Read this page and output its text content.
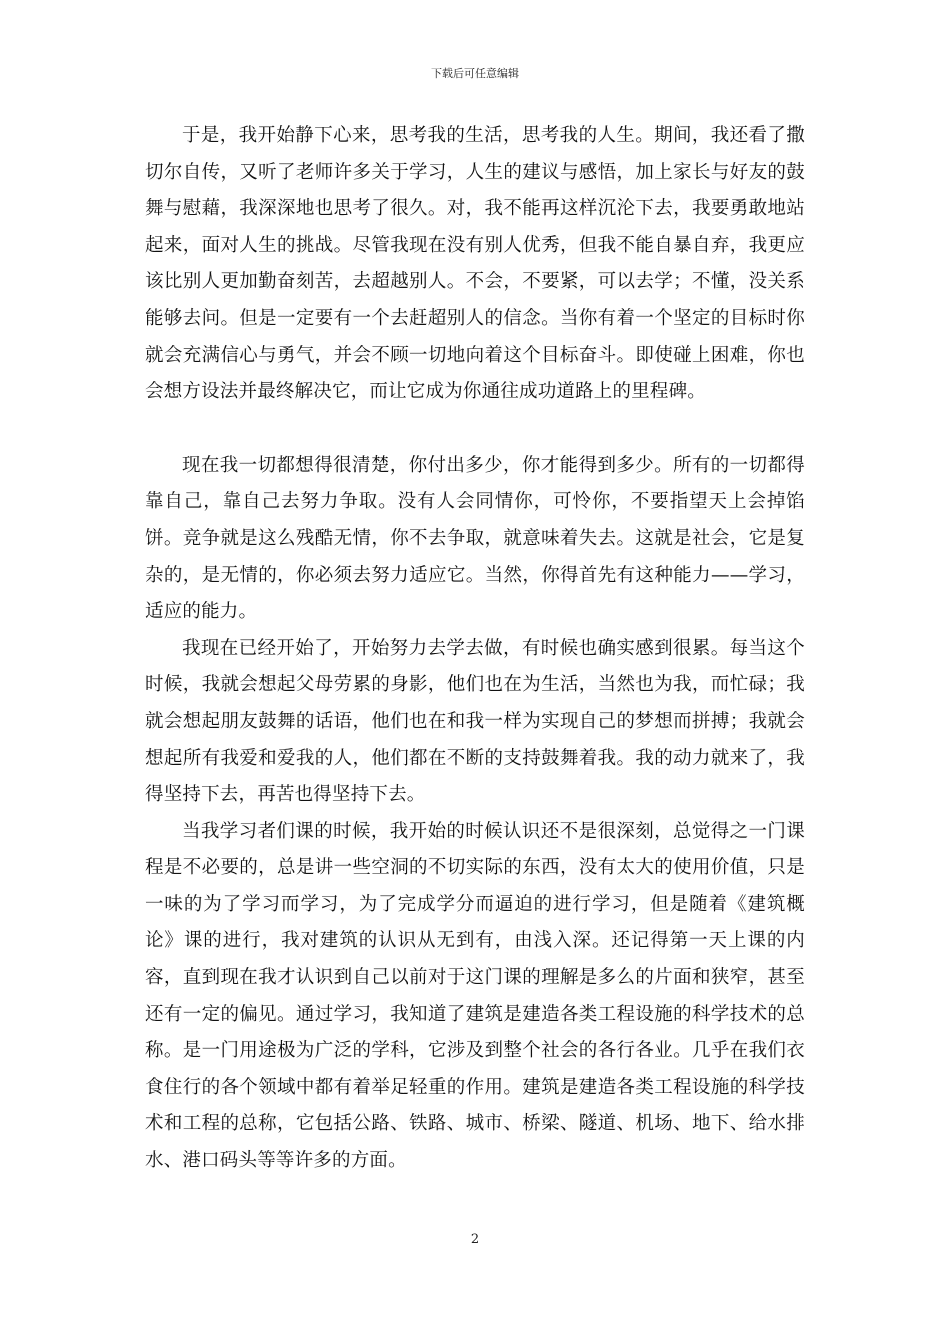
下载后可任意编辑

于是，我开始静下心来，思考我的生活，思考我的人生。期间，我还看了撒切尔自传，又听了老师许多关于学习，人生的建议与感悟，加上家长与好友的鼓舞与慰藉，我深深地也思考了很久。对，我不能再这样沉沦下去，我要勇敢地站起来，面对人生的挑战。尽管我现在没有别人优秀，但我不能自暴自弃，我更应该比别人更加勤奋刻苦，去超越别人。不会，不要紧，可以去学；不懂，没关系能够去问。但是一定要有一个去赶超别人的信念。当你有着一个坚定的目标时你就会充满信心与勇气，并会不顾一切地向着这个目标奋斗。即使碰上困难，你也会想方设法并最终解决它，而让它成为你通往成功道路上的里程碑。

现在我一切都想得很清楚，你付出多少，你才能得到多少。所有的一切都得靠自己，靠自己去努力争取。没有人会同情你，可怜你，不要指望天上会掉馅饼。竞争就是这么残酷无情，你不去争取，就意味着失去。这就是社会，它是复杂的，是无情的，你必须去努力适应它。当然，你得首先有这种能力——学习，适应的能力。

我现在已经开始了，开始努力去学去做，有时候也确实感到很累。每当这个时候，我就会想起父母劳累的身影，他们也在为生活，当然也为我，而忙碌；我就会想起朋友鼓舞的话语，他们也在和我一样为实现自己的梦想而拼搏；我就会想起所有我爱和爱我的人，他们都在不断的支持鼓舞着我。我的动力就来了，我得坚持下去，再苦也得坚持下去。

当我学习者们课的时候，我开始的时候认识还不是很深刻，总觉得之一门课程是不必要的，总是讲一些空洞的不切实际的东西，没有太大的使用价值，只是一味的为了学习而学习，为了完成学分而逼迫的进行学习，但是随着《建筑概论》课的进行，我对建筑的认识从无到有，由浅入深。还记得第一天上课的内容，直到现在我才认识到自己以前对于这门课的理解是多么的片面和狭窄，甚至还有一定的偏见。通过学习，我知道了建筑是建造各类工程设施的科学技术的总称。是一门用途极为广泛的学科，它涉及到整个社会的各行各业。几乎在我们衣食住行的各个领域中都有着举足轻重的作用。建筑是建造各类工程设施的科学技术和工程的总称，它包括公路、铁路、城市、桥梁、隧道、机场、地下、给水排水、港口码头等等许多的方面。

2
